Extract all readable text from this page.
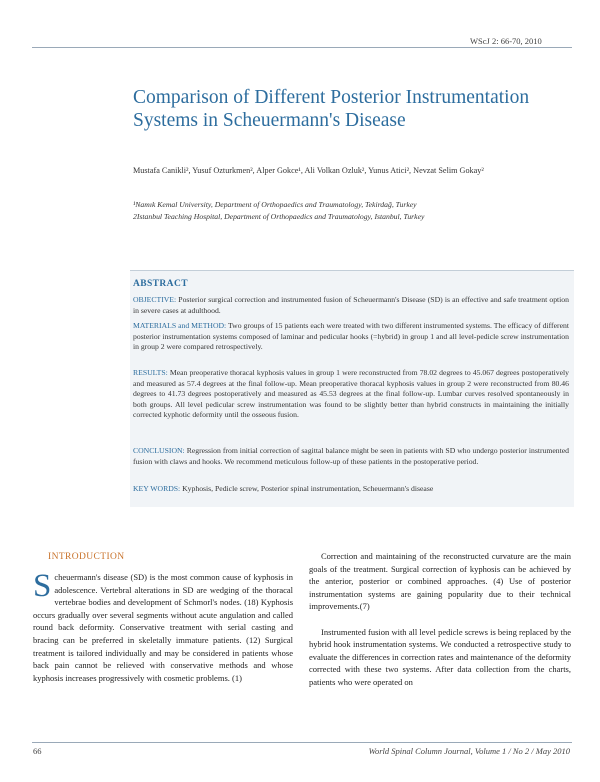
WScJ 2: 66-70, 2010
Comparison of Different Posterior Instrumentation Systems in Scheuermann's Disease
Mustafa Canikli², Yusuf Ozturkmen², Alper Gokce¹, Ali Volkan Ozluk², Yunus Atici², Nevzat Selim Gokay²
¹Namık Kemal University, Department of Orthopaedics and Traumatology, Tekirdağ, Turkey
2Istanbul Teaching Hospital, Department of Orthopaedics and Traumatology, Istanbul, Turkey
ABSTRACT
OBJECTIVE: Posterior surgical correction and instrumented fusion of Scheuermann's Disease (SD) is an effective and safe treatment option in severe cases at adulthood.
MATERIALS and METHOD: Two groups of 15 patients each were treated with two different instrumented systems. The efficacy of different posterior instrumentation systems composed of laminar and pedicular hooks (=hybrid) in group 1 and all level-pedicle screw instrumentation in group 2 were compared retrospectively.
RESULTS: Mean preoperative thoracal kyphosis values in group 1 were reconstructed from 78.02 degrees to 45.067 degrees postoperatively and measured as 57.4 degrees at the final follow-up. Mean preoperative thoracal kyphosis values in group 2 were reconstructed from 80.46 degrees to 41.73 degrees postoperatively and measured as 45.53 degrees at the final follow-up. Lumbar curves resolved spontaneously in both groups. All level pedicular screw instrumentation was found to be slightly better than hybrid constructs in maintaining the initially corrected kyphotic deformity until the osseous fusion.
CONCLUSION: Regression from initial correction of sagittal balance might be seen in patients with SD who undergo posterior instrumented fusion with claws and hooks. We recommend meticulous follow-up of these patients in the postoperative period.
KEY WORDS: Kyphosis, Pedicle screw, Posterior spinal instrumentation, Scheuermann's disease
INTRODUCTION

Scheuermann's disease (SD) is the most common cause of kyphosis in adolescence. Vertebral alterations in SD are wedging of the thoracal vertebrae bodies and development of Schmorl's nodes. (18) Kyphosis occurs gradually over several segments without acute angulation and called round back deformity. Conservative treatment with serial casting and bracing can be preferred in skeletally immature patients. (12) Surgical treatment is tailored individually and may be considered in patients whose back pain cannot be relieved with conservative methods and whose kyphosis increases progressively with cosmetic problems. (1)

Correction and maintaining of the reconstructed curvature are the main goals of the treatment. Surgical correction of kyphosis can be achieved by the anterior, posterior or combined approaches. (4) Use of posterior instrumentation systems are gaining popularity due to their technical improvements.(7)

Instrumented fusion with all level pedicle screws is being replaced by the hybrid hook instrumentation systems. We conducted a retrospective study to evaluate the differences in correction rates and maintenance of the deformity corrected with these two systems. After data collection from the charts, patients who were operated on

66	World Spinal Column Journal, Volume 1 / No 2 / May 2010
